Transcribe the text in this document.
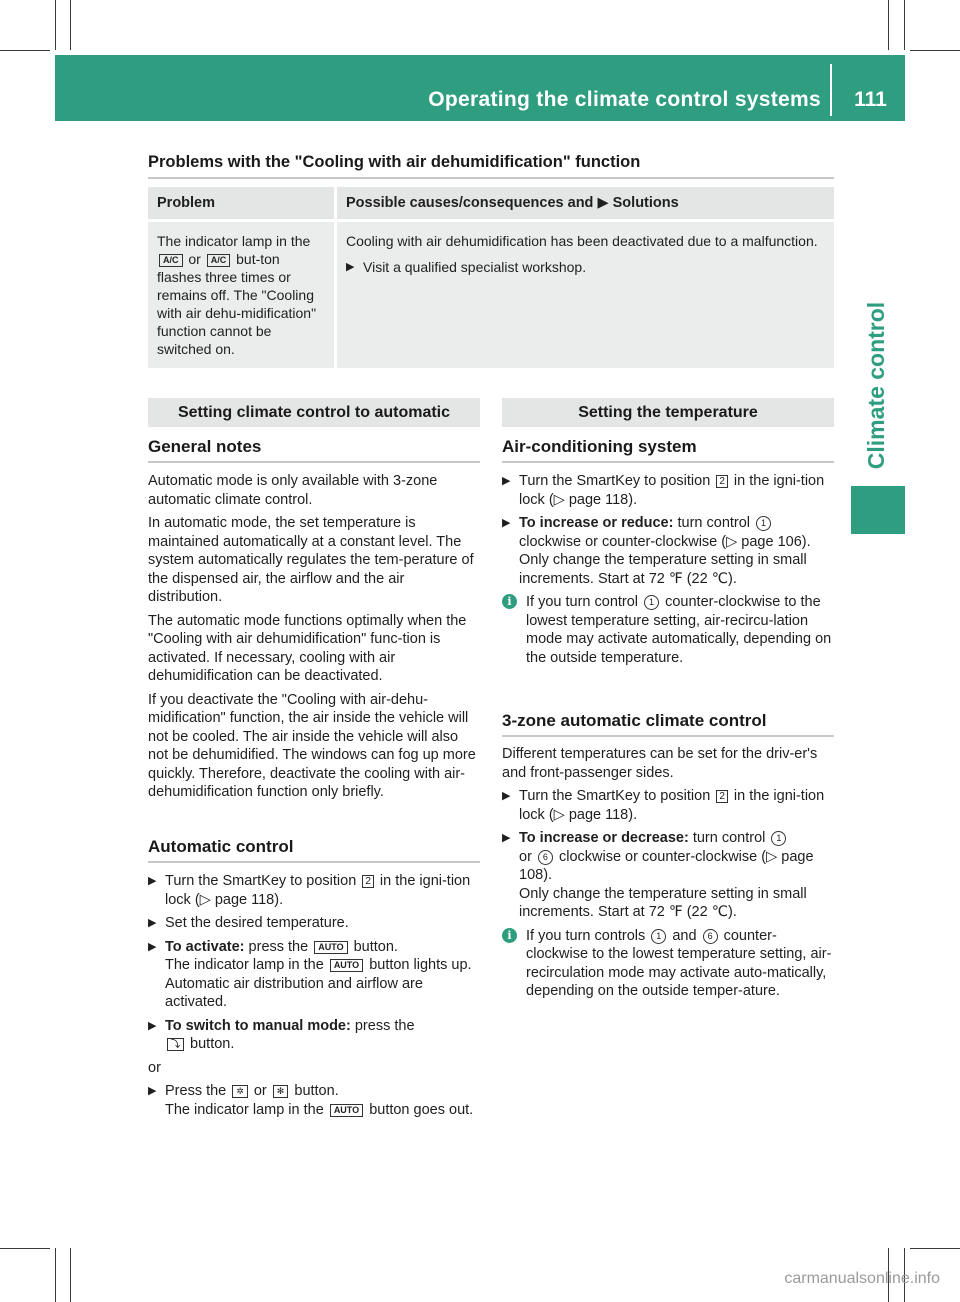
Operating the climate control systems	111
Climate control
Problems with the "Cooling with air dehumidification" function
Problem		Possible causes/consequences and ▶ Solutions

The indicator lamp in the A/C or A/C but-ton flashes three times or remains off. The "Cooling with air dehu-midification" function cannot be switched on.		Cooling with air dehumidification has been deactivated due to a malfunction.
▶ Visit a qualified specialist workshop.
Setting climate control to automatic
General notes

Automatic mode is only available with 3-zone automatic climate control.

In automatic mode, the set temperature is maintained automatically at a constant level. The system automatically regulates the tem-perature of the dispensed air, the airflow and the air distribution.

The automatic mode functions optimally when the "Cooling with air dehumidification" func-tion is activated. If necessary, cooling with air dehumidification can be deactivated.

If you deactivate the "Cooling with air-dehu-midification" function, the air inside the vehicle will not be cooled. The air inside the vehicle will also not be dehumidified. The windows can fog up more quickly. Therefore, deactivate the cooling with air-dehumidification function only briefly.

Automatic control
▶ Turn the SmartKey to position 2 in the igni-tion lock (▷ page 118).
▶ Set the desired temperature.
▶ To activate: press the AUTO button.
The indicator lamp in the AUTO button lights up. Automatic air distribution and airflow are activated.
▶ To switch to manual mode: press the
⤵ button.

or

▶ Press the ✲ or ✻ button.
The indicator lamp in the AUTO button goes out.
Setting the temperature
Air-conditioning system
▶ Turn the SmartKey to position 2 in the igni-tion lock (▷ page 118).
▶ To increase or reduce: turn control 1
clockwise or counter-clockwise (▷ page 106).
Only change the temperature setting in small increments. Start at 72 ℉ (22 ℃).
i If you turn control 1 counter-clockwise to the lowest temperature setting, air-recircu-lation mode may activate automatically, depending on the outside temperature.
3-zone automatic climate control

Different temperatures can be set for the driv-er's and front-passenger sides.

▶ Turn the SmartKey to position 2 in the igni-tion lock (▷ page 118).
▶ To increase or decrease: turn control 1
or 6 clockwise or counter-clockwise (▷ page 108).
Only change the temperature setting in small increments. Start at 72 ℉ (22 ℃).
i If you turn controls 1 and 6 counter-clockwise to the lowest temperature setting, air-recirculation mode may activate auto-matically, depending on the outside temper-ature.
carmanualsonline.info
